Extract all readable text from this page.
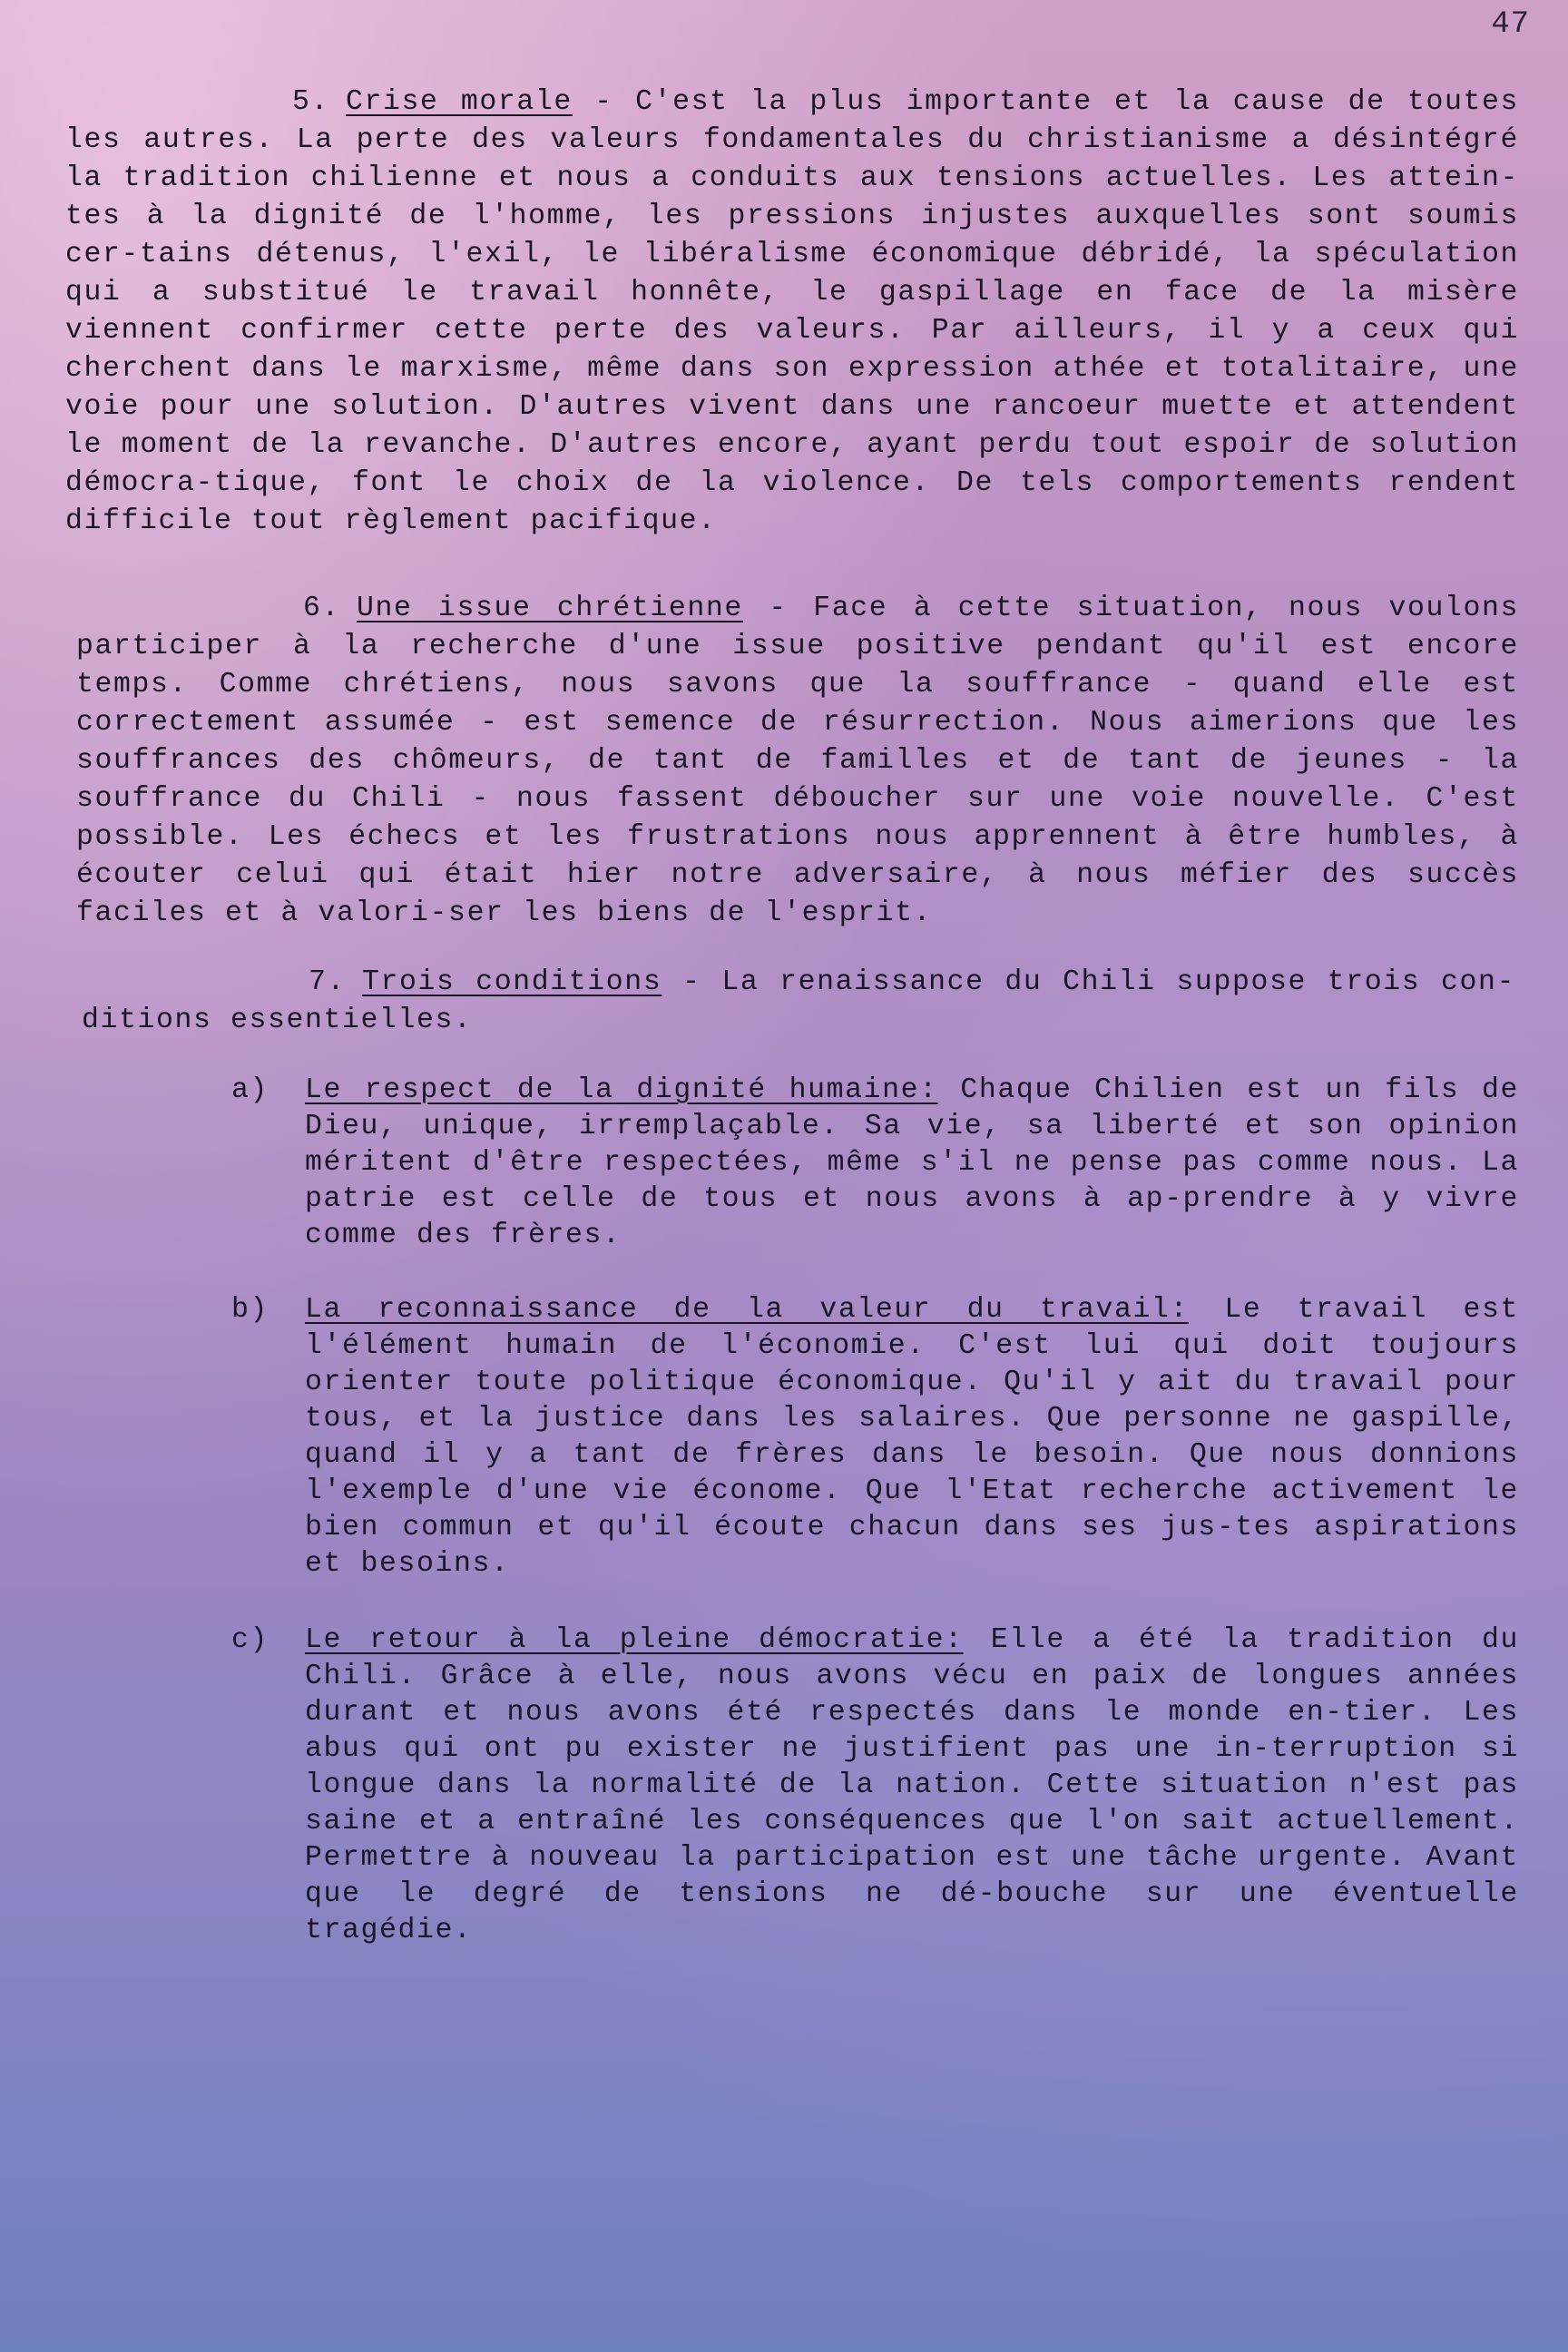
47

5. Crise morale - C'est la plus importante et la cause de toutes les autres. La perte des valeurs fondamentales du christianisme a désintégré la tradition chilienne et nous a conduits aux tensions actuelles. Les attein-tes à la dignité de l'homme, les pressions injustes auxquelles sont soumis cer-tains détenus, l'exil, le libéralisme économique débridé, la spéculation qui a substitué le travail honnête, le gaspillage en face de la misère viennent confirmer cette perte des valeurs. Par ailleurs, il y a ceux qui cherchent dans le marxisme, même dans son expression athée et totalitaire, une voie pour une solution. D'autres vivent dans une rancoeur muette et attendent le moment de la revanche. D'autres encore, ayant perdu tout espoir de solution démocra-tique, font le choix de la violence. De tels comportements rendent difficile tout règlement pacifique.

6. Une issue chrétienne - Face à cette situation, nous voulons participer à la recherche d'une issue positive pendant qu'il est encore temps. Comme chrétiens, nous savons que la souffrance - quand elle est correctement assumée - est semence de résurrection. Nous aimerions que les souffrances des chômeurs, de tant de familles et de tant de jeunes - la souffrance du Chili - nous fassent déboucher sur une voie nouvelle. C'est possible. Les échecs et les frustrations nous apprennent à être humbles, à écouter celui qui était hier notre adversaire, à nous méfier des succès faciles et à valori-ser les biens de l'esprit.

7. Trois conditions - La renaissance du Chili suppose trois con-ditions essentielles.

a)	Le respect de la dignité humaine: Chaque Chilien est un fils de Dieu, unique, irremplaçable. Sa vie, sa liberté et son opinion méritent d'être respectées, même s'il ne pense pas comme nous. La patrie est celle de tous et nous avons à ap-prendre à y vivre comme des frères.
b)	La reconnaissance de la valeur du travail: Le travail est l'élément humain de l'économie. C'est lui qui doit toujours orienter toute politique économique. Qu'il y ait du travail pour tous, et la justice dans les salaires. Que personne ne gaspille, quand il y a tant de frères dans le besoin. Que nous donnions l'exemple d'une vie économe. Que l'Etat recherche activement le bien commun et qu'il écoute chacun dans ses jus-tes aspirations et besoins.
c)	Le retour à la pleine démocratie: Elle a été la tradition du Chili. Grâce à elle, nous avons vécu en paix de longues années durant et nous avons été respectés dans le monde en-tier. Les abus qui ont pu exister ne justifient pas une in-terruption si longue dans la normalité de la nation. Cette situation n'est pas saine et a entraîné les conséquences que l'on sait actuellement. Permettre à nouveau la participation est une tâche urgente. Avant que le degré de tensions ne dé-bouche sur une éventuelle tragédie.
